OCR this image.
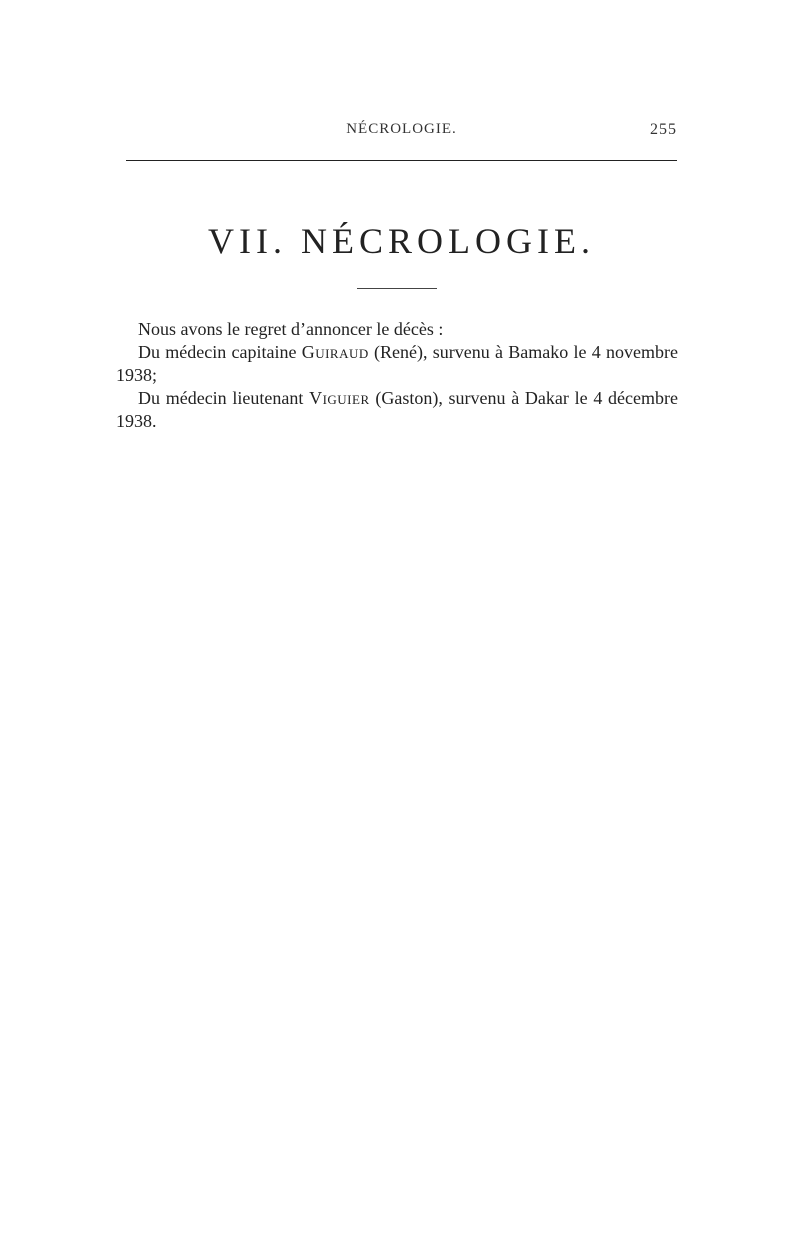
NÉCROLOGIE.	255
VII. NÉCROLOGIE.

Nous avons le regret d’annoncer le décès :

Du médecin capitaine Guiraud (René), survenu à Bamako le 4 novembre 1938;

Du médecin lieutenant Viguier (Gaston), survenu à Dakar le 4 décembre 1938.
